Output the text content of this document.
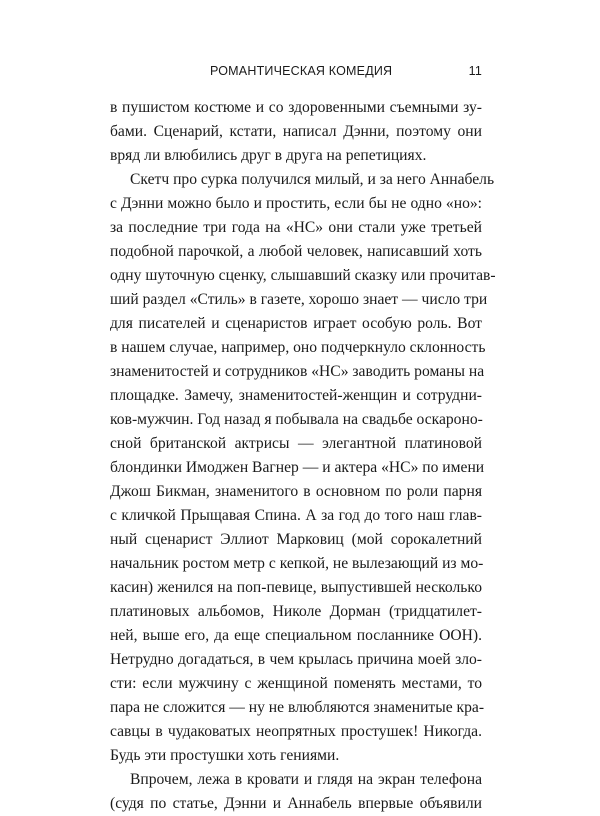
РОМАНТИЧЕСКАЯ КОМЕДИЯ	11
в пушистом костюме и со здоровенными съемными зу-
бами. Сценарий, кстати, написал Дэнни, поэтому они
вряд ли влюбились друг в друга на репетициях.
Скетч про сурка получился милый, и за него Аннабель
с Дэнни можно было и простить, если бы не одно «но»:
за последние три года на «НС» они стали уже третьей
подобной парочкой, а любой человек, написавший хоть
одну шуточную сценку, слышавший сказку или прочитав-
ший раздел «Стиль» в газете, хорошо знает — число три
для писателей и сценаристов играет особую роль. Вот
в нашем случае, например, оно подчеркнуло склонность
знаменитостей и сотрудников «НС» заводить романы на
площадке. Замечу, знаменитостей-женщин и сотрудни-
ков-мужчин. Год назад я побывала на свадьбе оскароно-
сной британской актрисы — элегантной платиновой
блондинки Имоджен Вагнер — и актера «НС» по имени
Джош Бикман, знаменитого в основном по роли парня
с кличкой Прыщавая Спина. А за год до того наш глав-
ный сценарист Эллиот Марковиц (мой сорокалетний
начальник ростом метр с кепкой, не вылезающий из мо-
касин) женился на поп-певице, выпустившей несколько
платиновых альбомов, Николе Дорман (тридцатилет-
ней, выше его, да еще специальном посланнике ООН).
Нетрудно догадаться, в чем крылась причина моей зло-
сти: если мужчину с женщиной поменять местами, то
пара не сложится — ну не влюбляются знаменитые кра-
савцы в чудаковатых неопрятных простушек! Никогда.
Будь эти простушки хоть гениями.
Впрочем, лежа в кровати и глядя на экран телефона
(судя по статье, Дэнни и Аннабель впервые объявили
